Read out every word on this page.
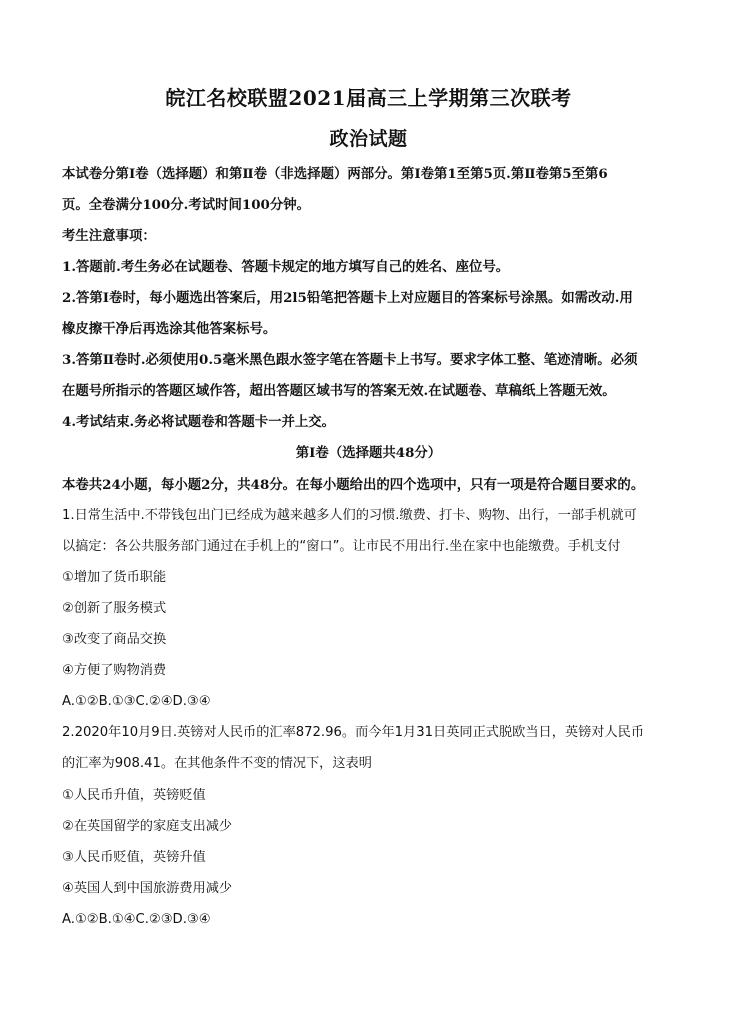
皖江名校联盟2021届高三上学期第三次联考
政治试题
本试卷分第Ⅰ卷（选择题）和第Ⅱ卷（非选择题）两部分。第Ⅰ卷第1至第5页.第Ⅱ卷第5至第6
页。全卷满分100分.考试时间100分钟。
考生注意事项：
1.答题前.考生务必在试题卷、答题卡规定的地方填写自己的姓名、座位号。
2.答第Ⅰ卷时，每小题选出答案后，用2l5铅笔把答题卡上对应题目的答案标号涂黑。如需改动.用
橡皮擦干净后再选涂其他答案标号。
3.答第Ⅱ卷时.必须使用0.5毫米黑色跟水签字笔在答题卡上书写。要求字体工整、笔迹清晰。必须
在题号所指示的答题区域作答，超出答题区域书写的答案无效.在试题卷、草稿纸上答题无效。
4.考试结束.务必将试题卷和答题卡一并上交。
第Ⅰ卷（选择题共48分）
本卷共24小题，每小题2分，共48分。在每小题给出的四个选项中，只有一项是符合题目要求的。
1.日常生活中.不带钱包出门已经成为越来越多人们的习惯.缴费、打卡、购物、出行，一部手机就可
以搞定：各公共服务部门通过在手机上的“窗口”。让市民不用出行.坐在家中也能缴费。手机支付
①增加了货币职能
②创新了服务模式
③改变了商品交换
④方便了购物消费
A.①②B.①③C.②④D.③④
2.2020年10月9日.英镑对人民币的汇率872.96。而今年1月31日英同正式脱欧当日，英镑对人民币
的汇率为908.41。在其他条件不变的情况下，这表明
①人民币升值，英镑贬值
②在英国留学的家庭支出减少
③人民币贬值，英镑升值
④英国人到中国旅游费用减少
A.①②B.①④C.②③D.③④
